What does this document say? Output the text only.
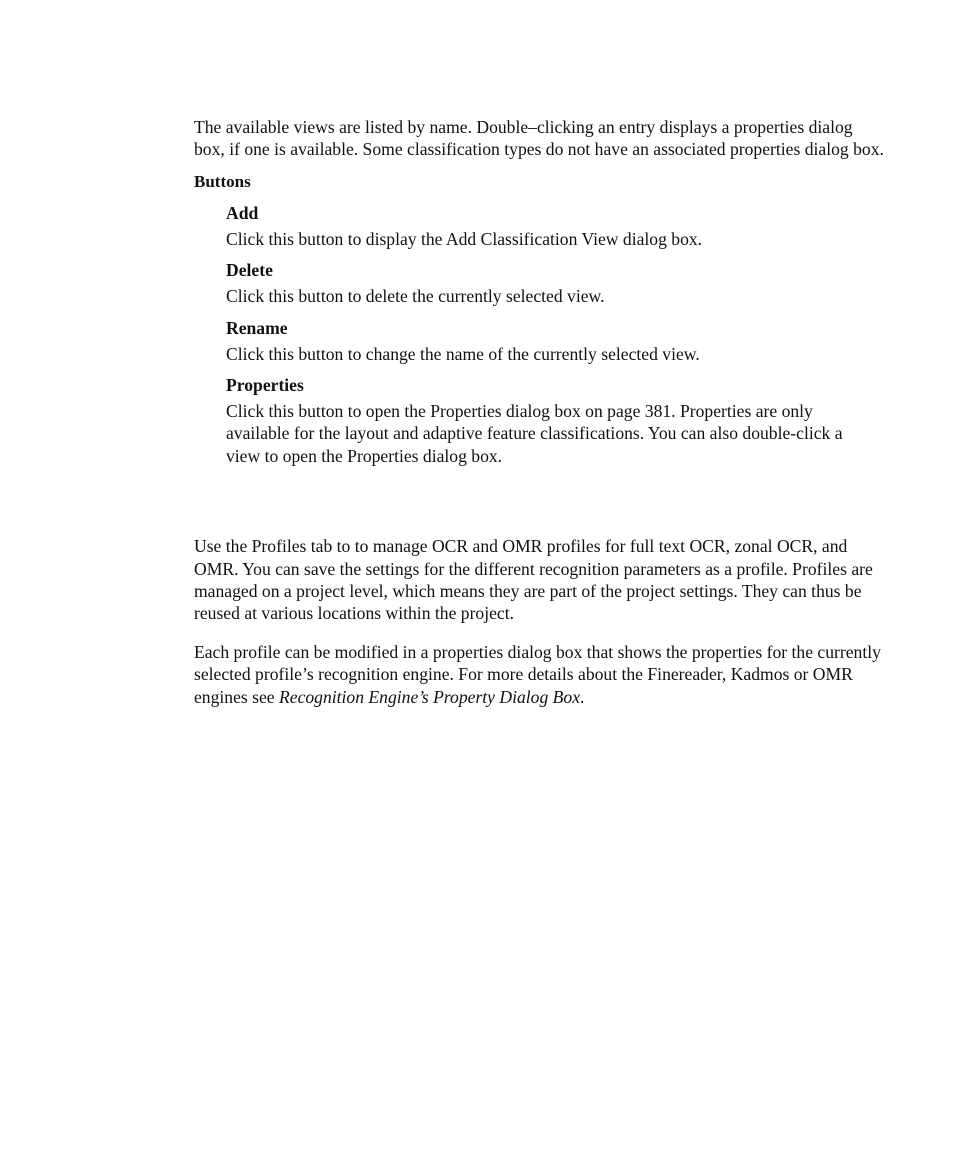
The available views are listed by name. Double–clicking an entry displays a properties dialog box, if one is available. Some classification types do not have an associated properties dialog box.

Buttons

Add

Click this button to display the Add Classification View dialog box.

Delete

Click this button to delete the currently selected view.

Rename

Click this button to change the name of the currently selected view.

Properties

Click this button to open the Properties dialog box on page 381. Properties are only available for the layout and adaptive feature classifications. You can also double-click a view to open the Properties dialog box.

Use the Profiles tab to to manage OCR and OMR profiles for full text OCR, zonal OCR, and OMR. You can save the settings for the different recognition parameters as a profile. Profiles are managed on a project level, which means they are part of the project settings. They can thus be reused at various locations within the project.

Each profile can be modified in a properties dialog box that shows the properties for the currently selected profile’s recognition engine. For more details about the Finereader, Kadmos or OMR engines see Recognition Engine’s Property Dialog Box.
